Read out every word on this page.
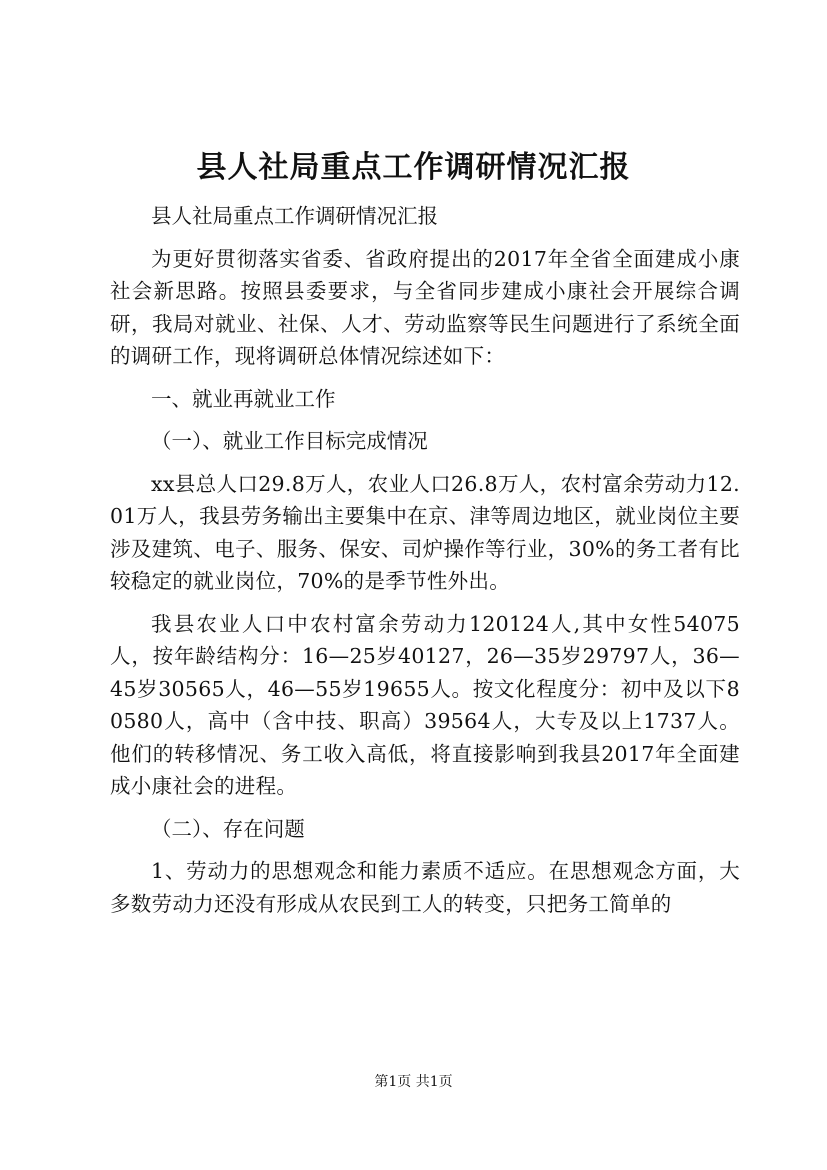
县人社局重点工作调研情况汇报

县人社局重点工作调研情况汇报

为更好贯彻落实省委、省政府提出的2017年全省全面建成小康社会新思路。按照县委要求，与全省同步建成小康社会开展综合调研，我局对就业、社保、人才、劳动监察等民生问题进行了系统全面的调研工作，现将调研总体情况综述如下：

一、就业再就业工作

（一）、就业工作目标完成情况

xx县总人口29.8万人，农业人口26.8万人，农村富余劳动力12.01万人，我县劳务输出主要集中在京、津等周边地区，就业岗位主要涉及建筑、电子、服务、保安、司炉操作等行业，30%的务工者有比较稳定的就业岗位，70%的是季节性外出。

我县农业人口中农村富余劳动力120124人,其中女性54075人，按年龄结构分：16—25岁40127，26—35岁29797人，36—45岁30565人，46—55岁19655人。按文化程度分：初中及以下80580人，高中（含中技、职高）39564人，大专及以上1737人。他们的转移情况、务工收入高低，将直接影响到我县2017年全面建成小康社会的进程。

（二）、存在问题

1、劳动力的思想观念和能力素质不适应。在思想观念方面，大多数劳动力还没有形成从农民到工人的转变，只把务工简单的

第1页 共1页
